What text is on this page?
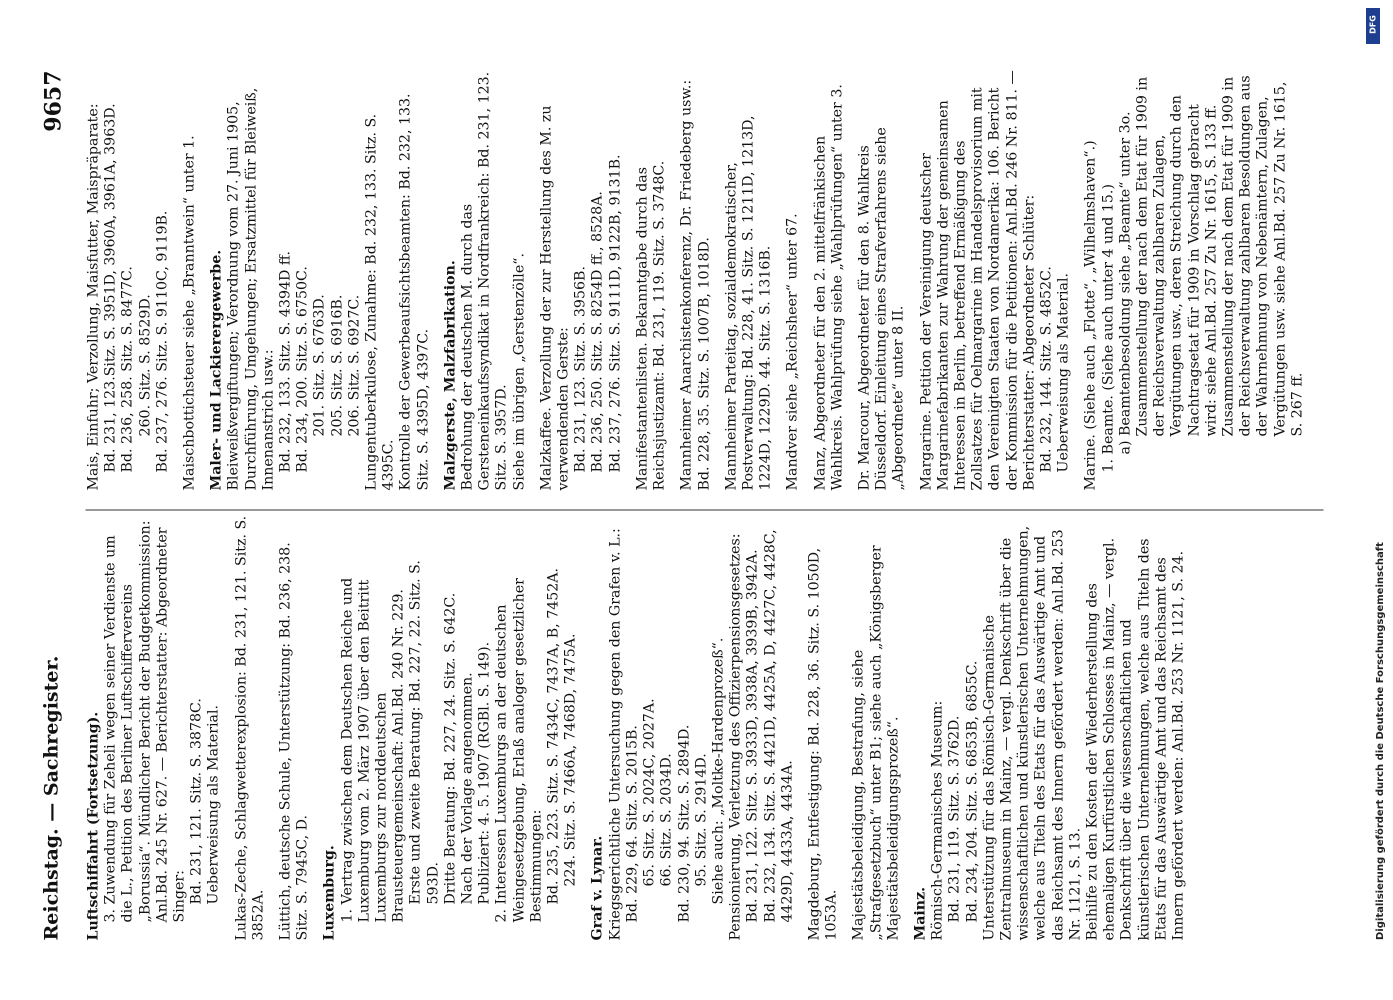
Reichstag. — Sachregister.
9657

Luftschiffahrt (Fortsetzung). 3. Zuwendung für Zeheli wegen seiner Verdienste um die L., Petition des Berliner Luftschiffervereins „Borussia“. Mündlicher Bericht der Budgetkommission: Anl.Bd. 245 Nr. 627. — Berichterstatter: Abgeordneter Singer: Bd. 231, 121. Sitz. S. 3878C. Ueberweisung als Material. Lukas-Zeche, Schlagwetterexplosion: Bd. 231, 121. Sitz. S. 3852A. Lüttich, deutsche Schule, Unterstützung: Bd. 236, 238. Sitz. S. 7945C, D. Luxemburg. 1. Vertrag zwischen dem Deutschen Reiche und Luxemburg vom 2. März 1907 über den Beitritt Luxemburgs zur norddeutschen Brausteuergemeinschaft: Anl.Bd. 240 Nr. 229. Erste und zweite Beratung: Bd. 227, 22. Sitz. S. 593D. Dritte Beratung: Bd. 227, 24. Sitz. S. 642C. Nach der Vorlage angenommen. Publiziert: 4. 5. 1907 (RGBl. S. 149). 2. Interessen Luxemburgs an der deutschen Weingesetzgebung, Erlaß analoger gesetzlicher Bestimmungen: Bd. 235, 223. Sitz. S. 7434C, 7437A, B, 7452A. 224. Sitz. S. 7466A, 7468D, 7475A.

Graf v. Lynar. Kriegsgerichtliche Untersuchung gegen den Grafen v. L.: Bd. 229, 64. Sitz. S. 2015B. 65. Sitz. S. 2024C, 2027A. 66. Sitz. S. 2034D. Bd. 230, 94. Sitz. S. 2894D. 95. Sitz. S. 2914D. Siehe auch: „Moltke-Hardenprozeß“. Pensionierung, Verletzung des Offizierpensionsgesetzes: Bd. 231, 122. Sitz. S. 3933D, 3938A, 3939B, 3942A. Bd. 232, 134. Sitz. S. 4421D, 4425A, D, 4427C, 4428C, 4429D, 4433A, 4434A. Magdeburg, Entfestigung: Bd. 228, 36. Sitz. S. 1050D, 1053A. Majestätsbeleidigung, Bestrafung, siehe „Strafgesetzbuch“ unter B1; siehe auch „Königsberger Majestätsbeleidigungsprozeß“. Mainz. Römisch-Germanisches Museum: Bd. 231, 119. Sitz. S. 3762D. Bd. 234, 204. Sitz. S. 6853B, 6855C. Unterstützung für das Römisch-Germanische Zentralmuseum in Mainz, — vergl. Denkschrift über die wissenschaftlichen und künstlerischen Unternehmungen, welche aus Titeln des Etats für das Auswärtige Amt und das Reichsamt des Innern gefördert werden: Anl.Bd. 253 Nr. 1121, S. 13. Beihilfe zu den Kosten der Wiederherstellung des ehemaligen Kurfürstlichen Schlosses in Mainz, — vergl. Denkschrift über die wissenschaftlichen und künstlerischen Unternehmungen, welche aus Titeln des Etats für das Auswärtige Amt und das Reichsamt des Innern gefördert werden: Anl.Bd. 253 Nr. 1121, S. 24.

Mais, Einfuhr; Verzollung, Maisfutter, Maispräparate: Bd. 231, 123.Sitz. S. 3951D, 3960A, 3961A, 3963D. Bd. 236, 258. Sitz. S. 8477C. 260. Sitz. S. 8529D. Bd. 237, 276. Sitz. S. 9110C, 9119B. Maischbottichsteuer siehe „Branntwein“ unter 1. Maler- und Lackierergewerbe. Bleiweißvergiftungen; Verordnung vom 27. Juni 1905, Durchführung, Umgehungen; Ersatzmittel für Bleiweiß, Innenanstrich usw.: Bd. 232, 133. Sitz. S. 4394D ff. Bd. 234, 200. Sitz. S. 6750C. 201. Sitz. S. 6763D. 205. Sitz. S. 6916B. 206. Sitz. S. 6927C. Lungentuberkulose, Zunahme: Bd. 232, 133. Sitz. S. 4395C. Kontrolle der Gewerbeaufsichtsbeamten: Bd. 232, 133. Sitz. S. 4395D, 4397C. Malzgerste, Malzfabrikation. Bedrohung der deutschen M. durch das Gersteneinkaufssyndikat in Nordfrankreich: Bd. 231, 123. Sitz. S. 3957D. Siehe im übrigen „Gerstenzölle“. Malzkaffee. Verzollung der zur Herstellung des M. zu verwendenden Gerste: Bd. 231, 123. Sitz. S. 3956B. Bd. 236, 250. Sitz. S. 8254D ff., 8528A. Bd. 237, 276. Sitz. S. 9111D, 9122B, 9131B. Manifestantenlisten. Bekanntgabe durch das Reichsjustizamt: Bd. 231, 119. Sitz. S. 3748C. Mannheimer Anarchistenkonferenz, Dr. Friedeberg usw.: Bd. 228, 35. Sitz. S. 1007B, 1018D. Mannheimer Parteitag, sozialdemokratischer, Postverwaltung: Bd. 228, 41. Sitz. S. 1211D, 1213D, 1224D, 1229D. 44. Sitz. S. 1316B. Mandver siehe „Reichsheer“ unter 67. Manz, Abgeordneter für den 2. mittelfränkischen Wahlkreis. Wahlprüfung siehe „Wahlprüfungen“ unter 3. Dr. Marcour, Abgeordneter für den 8. Wahlkreis Düsseldorf. Einleitung eines Strafverfahrens siehe „Abgeordnete“ unter 8 II. Margarine. Petition der Vereinigung deutscher Margarinefabrikanten zur Wahrung der gemeinsamen Interessen in Berlin, betreffend Ermäßigung des Zollsatzes für Oelmargarine im Handelsprovisorium mit den Vereinigten Staaten von Nordamerika: 106. Bericht der Kommission für die Petitionen: Anl.Bd. 246 Nr. 811. — Berichterstatter: Abgeordneter Schlüter: Bd. 232, 144. Sitz. S. 4852C. Ueberweisung als Material. Marine. (Siehe auch „Flotte“, „Wilhelmshaven“.) 1. Beamte. (Siehe auch unter 4 und 15.) a) Beamtenbesoldung siehe „Beamte“ unter 3o. Zusammenstellung der nach dem Etat für 1909 in der Reichsverwaltung zahlbaren Zulagen, Vergütungen usw., deren Streichung durch den Nachtragsetat für 1909 in Vorschlag gebracht wird: siehe Anl.Bd. 257 Zu Nr. 1615, S. 133 ff. Zusammenstellung der nach dem Etat für 1909 in der Reichsverwaltung zahlbaren Besoldungen aus der Wahrnehmung von Nebenämtern, Zulagen, Vergütungen usw. siehe Anl.Bd. 257 Zu Nr. 1615, S. 267 ff.

DFG
Digitalisierung gefördert durch die Deutsche Forschungsgemeinschaft
